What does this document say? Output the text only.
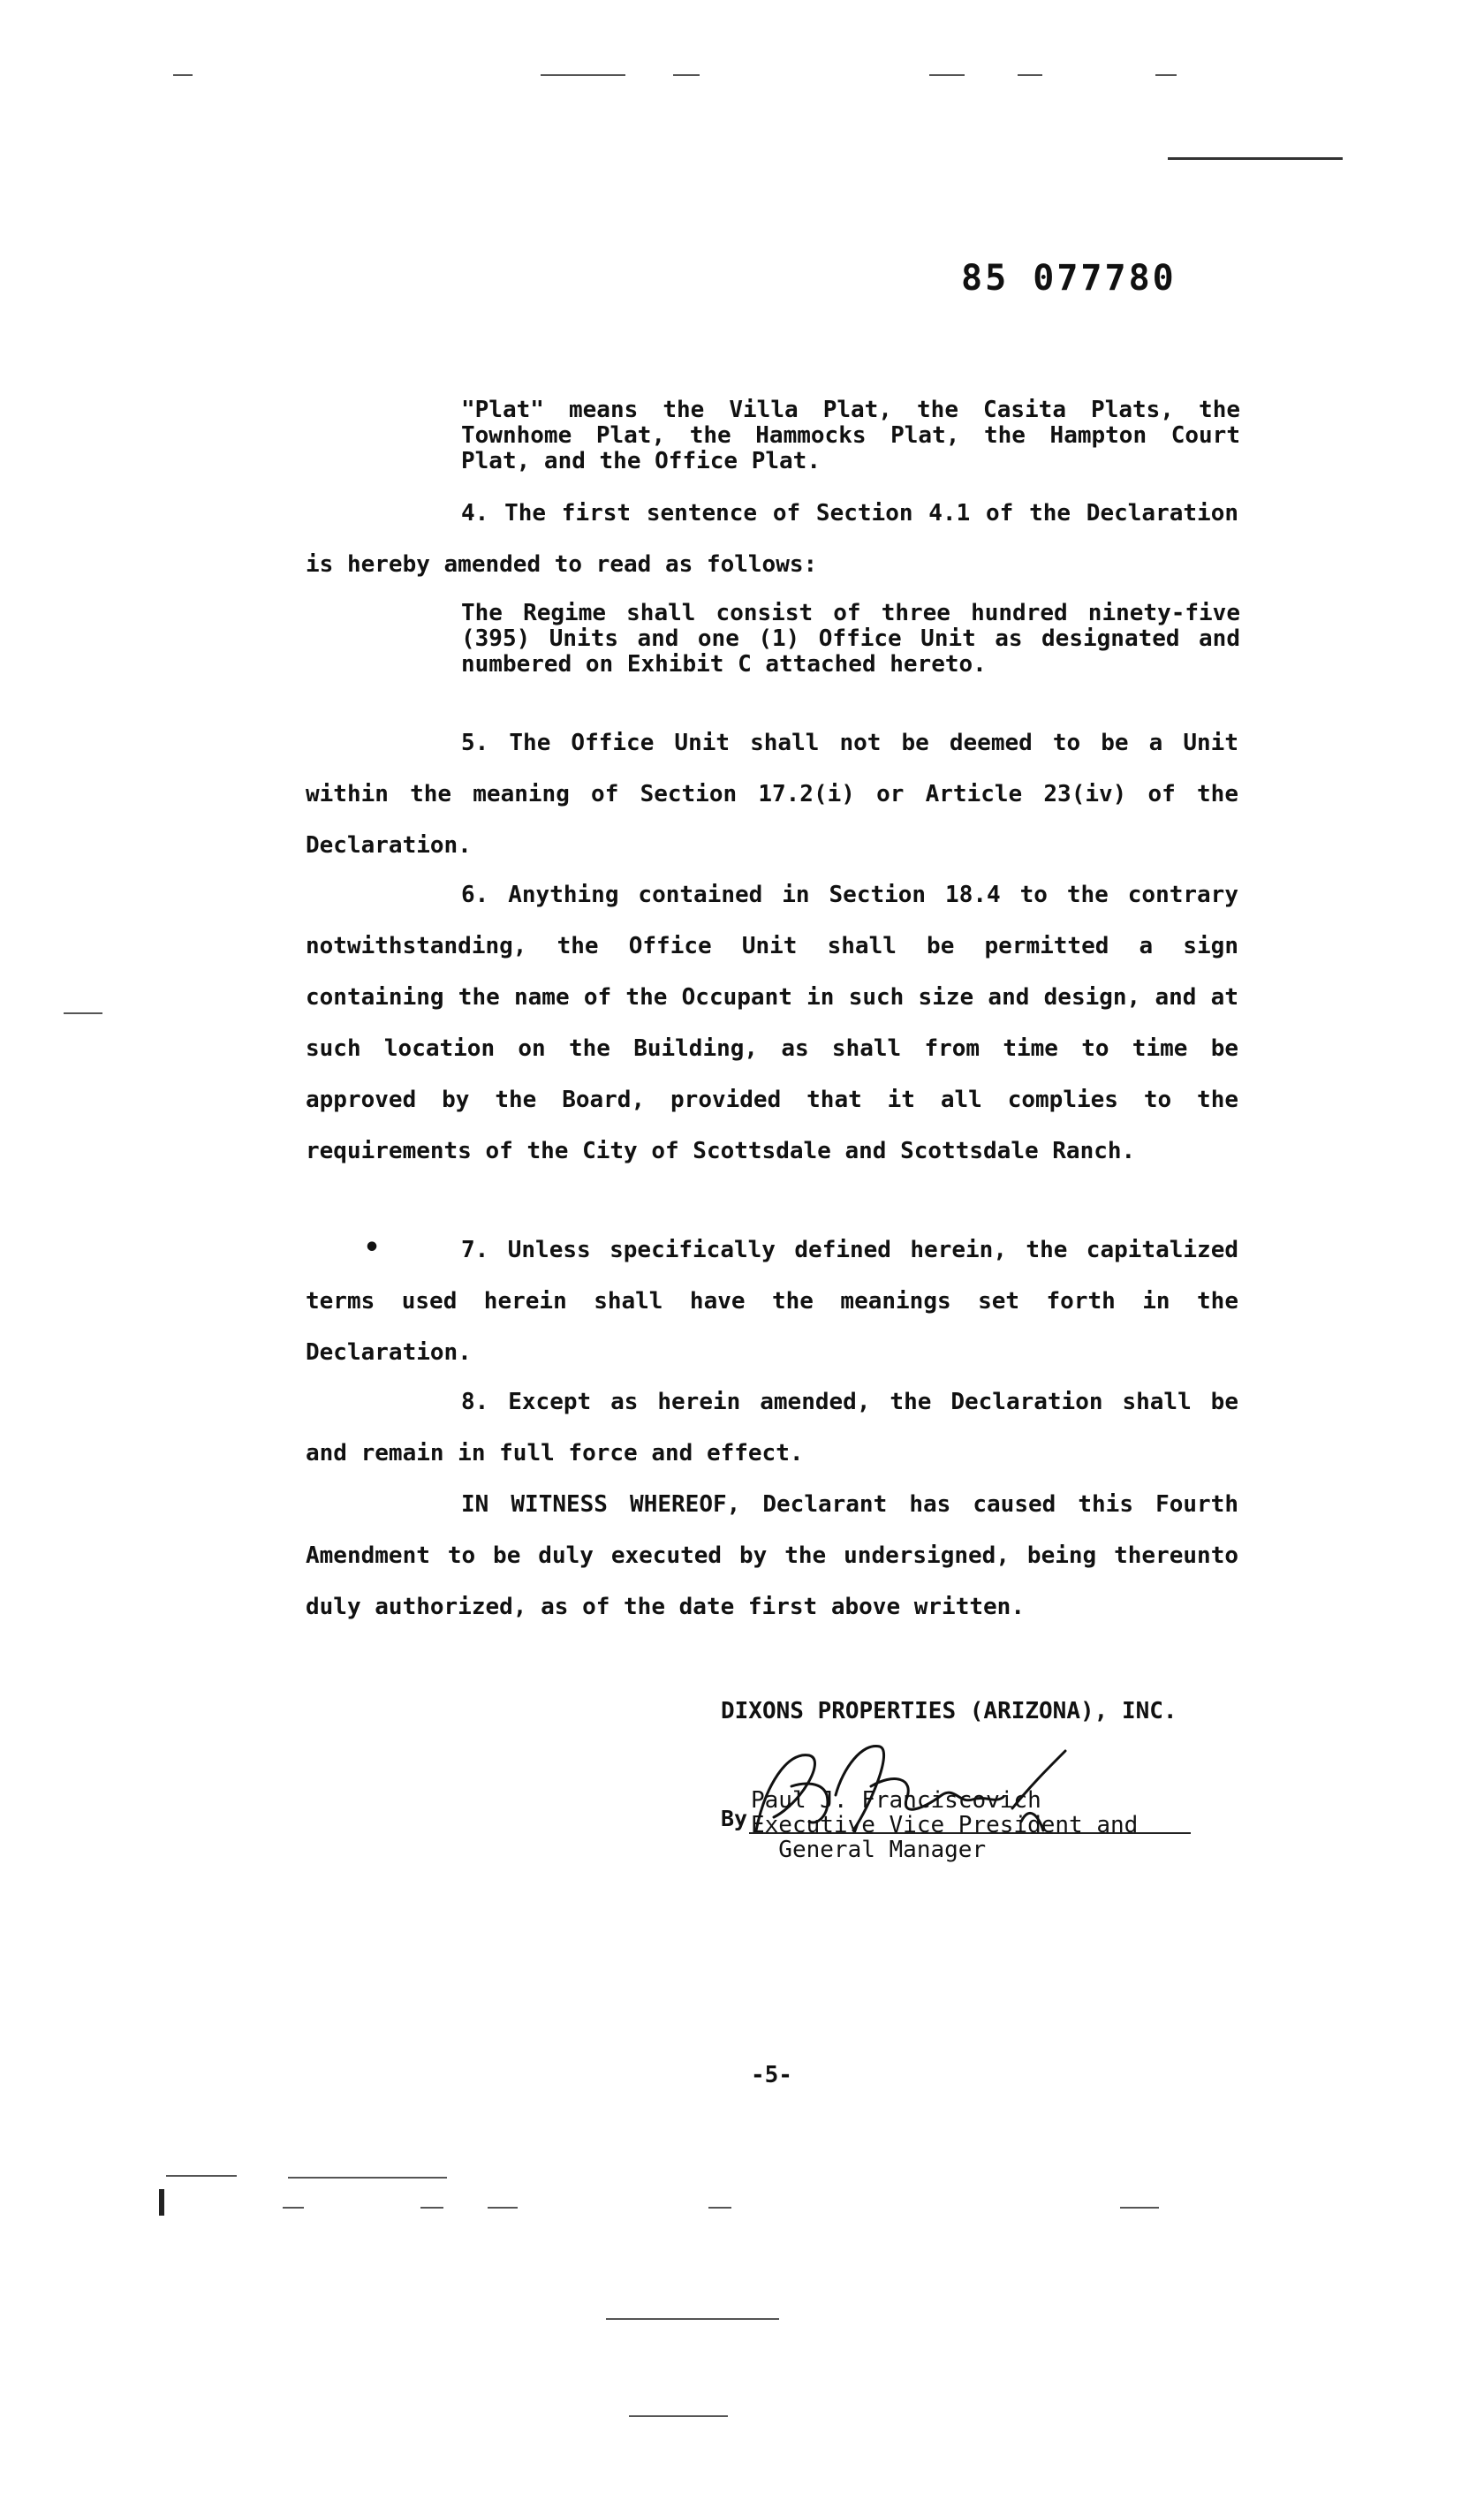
85 077780

"Plat" means the Villa Plat, the Casita Plats, the Townhome Plat, the Hammocks Plat, the Hampton Court Plat, and the Office Plat.

4. The first sentence of Section 4.1 of the Declaration is hereby amended to read as follows:

The Regime shall consist of three hundred ninety-five (395) Units and one (1) Office Unit as designated and numbered on Exhibit C attached hereto.

5. The Office Unit shall not be deemed to be a Unit within the meaning of Section 17.2(i) or Article 23(iv) of the Declaration.

6. Anything contained in Section 18.4 to the contrary notwithstanding, the Office Unit shall be permitted a sign containing the name of the Occupant in such size and design, and at such location on the Building, as shall from time to time be approved by the Board, provided that it all complies to the requirements of the City of Scottsdale and Scottsdale Ranch.

•	7. Unless specifically defined herein, the capitalized terms used herein shall have the meanings set forth in the Declaration.

8. Except as herein amended, the Declaration shall be and remain in full force and effect.

IN WITNESS WHEREOF, Declarant has caused this Fourth Amendment to be duly executed by the undersigned, being thereunto duly authorized, as of the date first above written.

DIXONS PROPERTIES (ARIZONA), INC.
By
Paul J. Franciscovich
Executive Vice President and
General Manager
-5-
